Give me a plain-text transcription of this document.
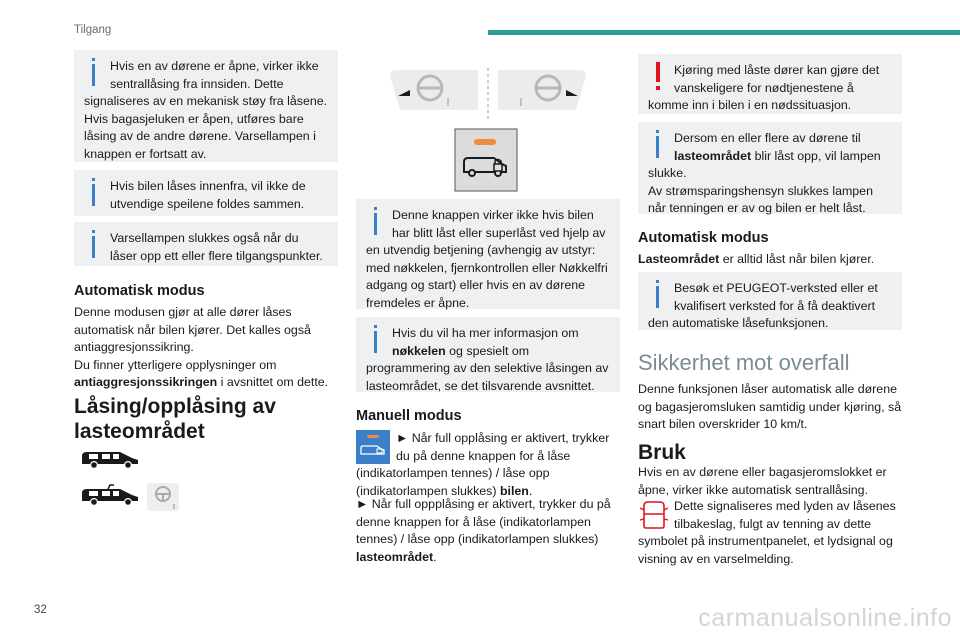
Tilgang

Hvis en av dørene er åpne, virker ikke sentrallåsing fra innsiden. Dette signaliseres av en mekanisk støy fra låsene. Hvis bagasjeluken er åpen, utføres bare låsing av de andre dørene. Varsellampen i knappen er fortsatt av.

Hvis bilen låses innenfra, vil ikke de utvendige speilene foldes sammen.

Varsellampen slukkes også når du låser opp ett eller flere tilgangspunkter.

Automatisk modus
Denne modusen gjør at alle dører låses automatisk når bilen kjører. Det kalles også antiaggresjonssikring.
Du finner ytterligere opplysninger om antiaggresjonssikringen i avsnittet om dette.
Låsing/opplåsing av lasteområdet

Denne knappen virker ikke hvis bilen har blitt låst eller superlåst ved hjelp av en utvendig betjening (avhengig av utstyr: med nøkkelen, fjernkontrollen eller Nøkkelfri adgang og start) eller hvis en av dørene fremdeles er åpne.

Hvis du vil ha mer informasjon om nøkkelen og spesielt om programmering av den selektive låsingen av lasteområdet, se det tilsvarende avsnittet.

Manuell modus
► Når full opplåsing er aktivert, trykker du på denne knappen for å låse (indikatorlampen tennes) / låse opp (indikatorlampen slukkes) bilen.
► Når full oppplåsing er aktivert, trykker du på denne knappen for å låse (indikatorlampen tennes) / låse opp (indikatorlampen slukkes) lasteområdet.

Kjøring med låste dører kan gjøre det vanskeligere for nødtjenestene å komme inn i bilen i en nødssituasjon.

Dersom en eller flere av dørene til lasteområdet blir låst opp, vil lampen slukke.

Av strømsparingshensyn slukkes lampen når tenningen er av og bilen er helt låst.

Automatisk modus
Lasteområdet er alltid låst når bilen kjører.

Besøk et PEUGEOT-verksted eller et kvalifisert verksted for å få deaktivert den automatiske låsefunksjonen.

Sikkerhet mot overfall
Denne funksjonen låser automatisk alle dørene og bagasjeromsluken samtidig under kjøring, så snart bilen overskrider 10 km/t.
Bruk
Hvis en av dørene eller bagasjeromslokket er åpne, virker ikke automatisk sentrallåsing.
Dette signaliseres med lyden av låsenes tilbakeslag, fulgt av tenning av dette symbolet på instrumentpanelet, et lydsignal og visning av en varselmelding.
32	carmanualsonline.info
